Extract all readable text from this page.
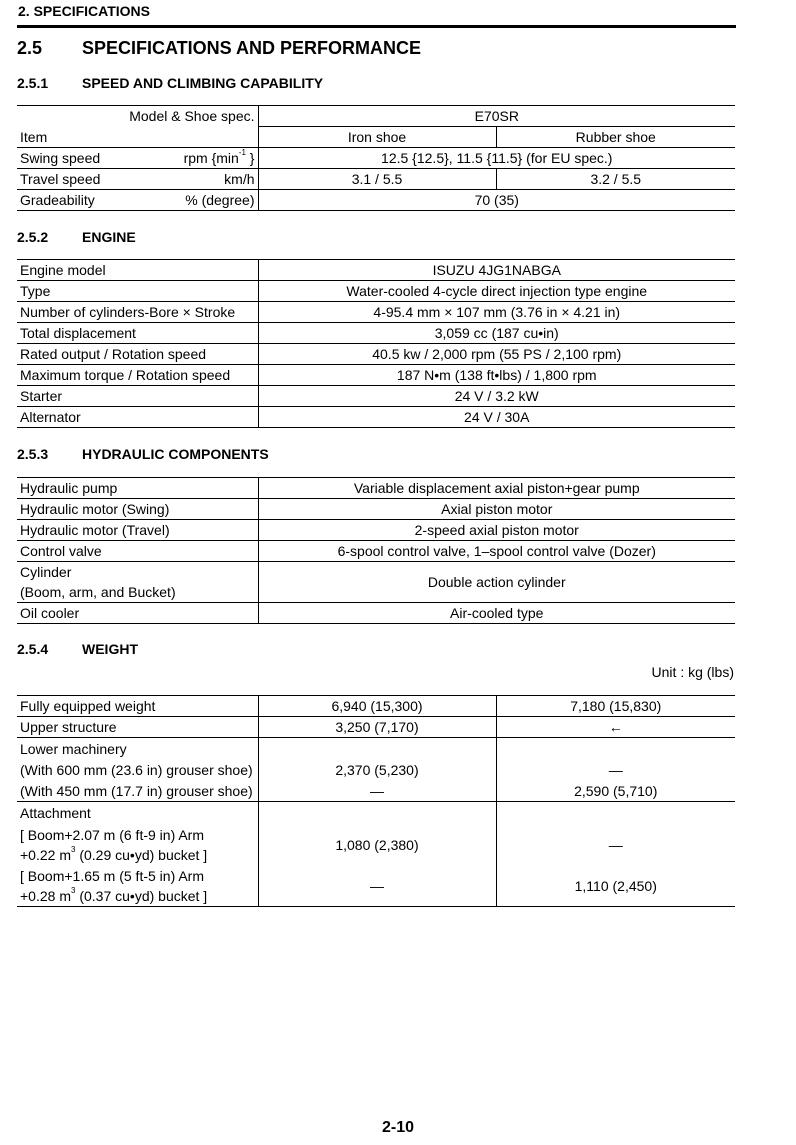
2. SPECIFICATIONS
2.5 SPECIFICATIONS AND PERFORMANCE
2.5.1 SPEED AND CLIMBING CAPABILITY
Model & Shoe spec.	E70SR	
Item	Iron shoe	Rubber shoe

Swing speed rpm {$\min^{-1}$ }	12.5 {12.5}, 11.5 {11.5} (for EU spec.)	

Travel speed km/h	3.1 / 5.5	3.2 / 5.5

Gradeability % (degree)	70 (35)	
2.5.2 ENGINE
Engine model	ISUZU 4JG1NABGA
Type	Water-cooled 4-cycle direct injection type engine
Number of cylinders-Bore × Stroke	4-95.4 mm × 107 mm (3.76 in × 4.21 in)
Total displacement	3,059 cc (187 cu•in)
Rated output / Rotation speed	40.5 kw / 2,000 rpm (55 PS / 2,100 rpm)
Maximum torque / Rotation speed	187 N•m (138 ft•lbs) / 1,800 rpm
Starter	24 V / 3.2 kW
Alternator	24 V / 30A
2.5.3 HYDRAULIC COMPONENTS
Hydraulic pump	Variable displacement axial piston+gear pump
Hydraulic motor (Swing)	Axial piston motor
Hydraulic motor (Travel)	2-speed axial piston motor
Control valve	6-spool control valve, 1–spool control valve (Dozer)

Cylinder
(Boom, arm, and Bucket)	Double action cylinder
Oil cooler	Air-cooled type
2.5.4 WEIGHT
Unit : kg (lbs)
Fully equipped weight	6,940 (15,300)	7,180 (15,830)
Upper structure	3,250 (7,170)	←
Lower machinery		
(With 600 mm (23.6 in) grouser shoe)	2,370 (5,230)	—
(With 450 mm (17.7 in) grouser shoe)	—	2,590 (5,710)
Attachment		

[ Boom+2.07 m (6 ft-9 in) Arm
+0.22 $m^3$ (0.29 cu•yd) bucket ]	1,080 (2,380)	—

[ Boom+1.65 m (5 ft-5 in) Arm
+0.28 $m^3$ (0.37 cu•yd) bucket ]	—	1,110 (2,450)
2-10
